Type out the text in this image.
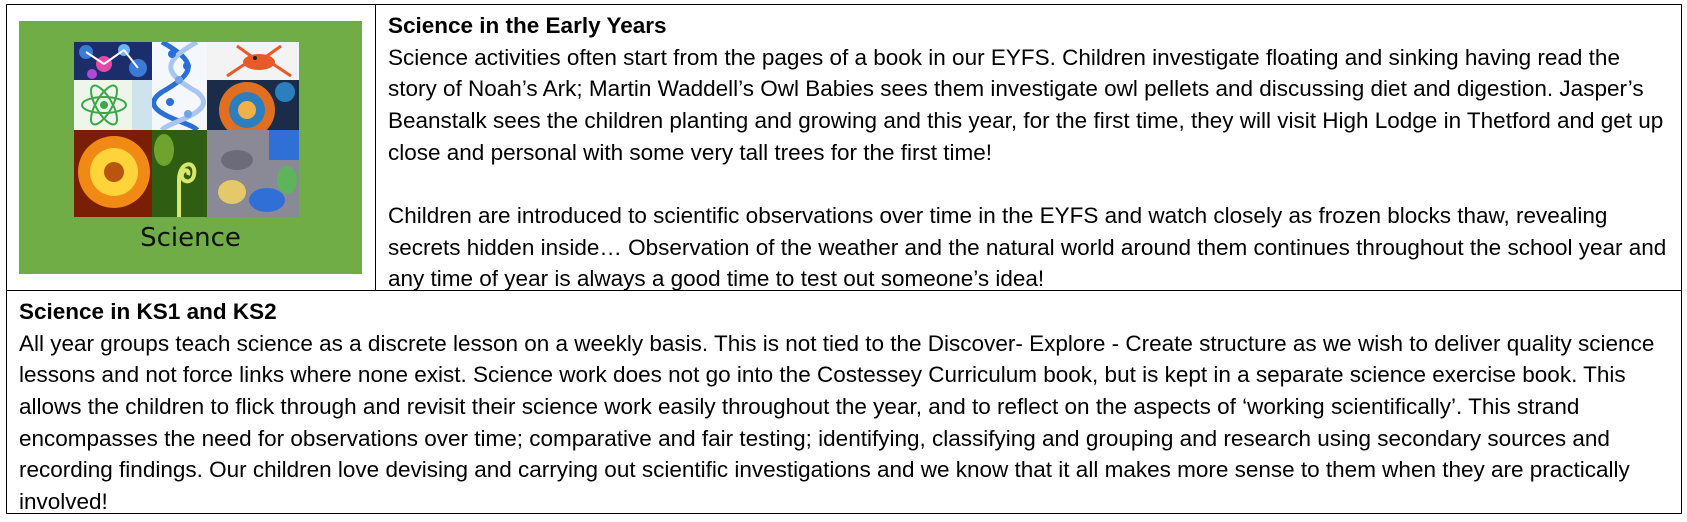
Science

Science in the Early Years

Science activities often start from the pages of a book in our EYFS. Children investigate floating and sinking having read the story of Noah’s Ark; Martin Waddell’s Owl Babies sees them investigate owl pellets and discussing diet and digestion. Jasper’s Beanstalk sees the children planting and growing and this year, for the first time, they will visit High Lodge in Thetford and get up close and personal with some very tall trees for the first time!

Children are introduced to scientific observations over time in the EYFS and watch closely as frozen blocks thaw, revealing secrets hidden inside… Observation of the weather and the natural world around them continues throughout the school year and any time of year is always a good time to test out someone’s idea!

Science in KS1 and KS2

All year groups teach science as a discrete lesson on a weekly basis. This is not tied to the Discover- Explore - Create structure as we wish to deliver quality science lessons and not force links where none exist. Science work does not go into the Costessey Curriculum book, but is kept in a separate science exercise book. This allows the children to flick through and revisit their science work easily throughout the year, and to reflect on the aspects of ‘working scientifically’. This strand encompasses the need for observations over time; comparative and fair testing; identifying, classifying and grouping and research using secondary sources and recording findings. Our children love devising and carrying out scientific investigations and we know that it all makes more sense to them when they are practically involved!
